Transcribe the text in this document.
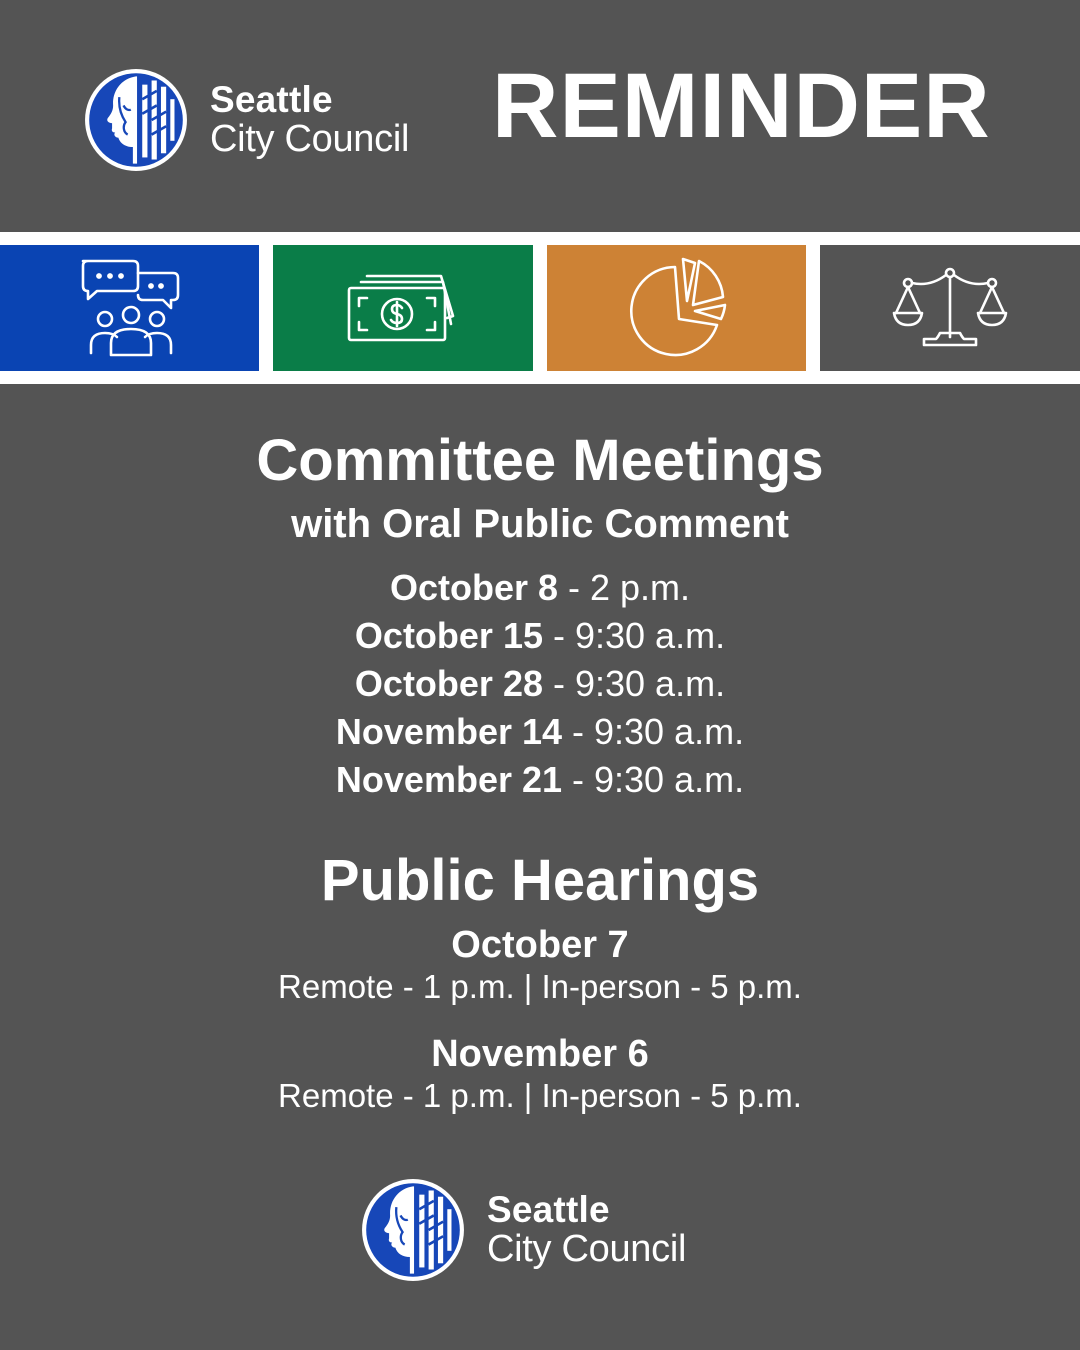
Seattle
City Council REMINDER
Committee Meetings
with Oral Public Comment
October 8 - 2 p.m.
October 15 - 9:30 a.m.
October 28 - 9:30 a.m.
November 14 - 9:30 a.m.
November 21 - 9:30 a.m.
Public Hearings
October 7
Remote - 1 p.m. | In-person - 5 p.m.
November 6
Remote - 1 p.m. | In-person - 5 p.m.
Seattle
City Council
